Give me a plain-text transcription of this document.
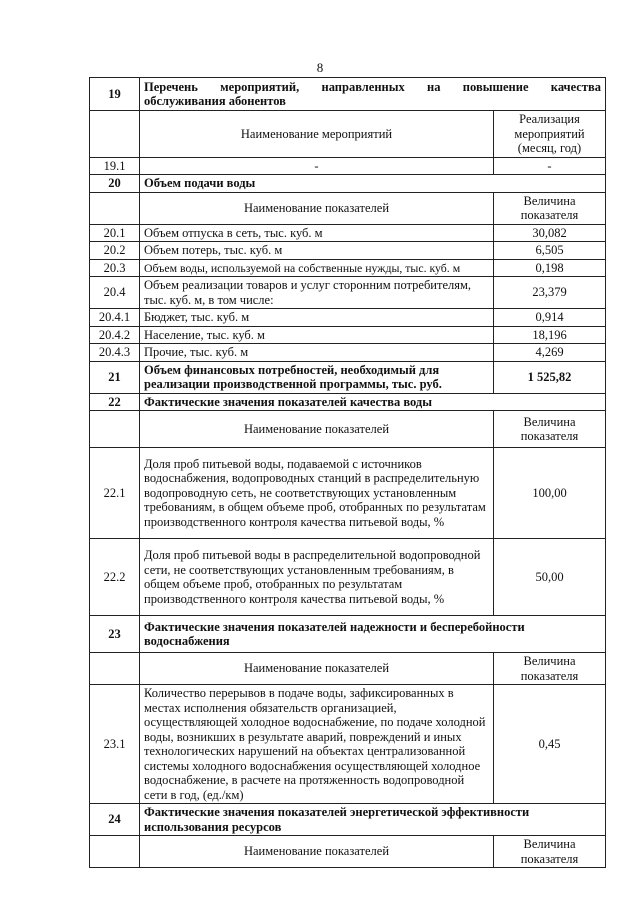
8
19	Перечень мероприятий, направленных на повышение качества
обслуживания абонентов	
	Наименование мероприятий	Реализация мероприятий (месяц, год)
19.1	-	-
20	Объем подачи воды	
	Наименование показателей	Величина показателя
20.1	Объем отпуска в сеть, тыс. куб. м	30,082
20.2	Объем потерь, тыс. куб. м	6,505
20.3	Объем воды, используемой на собственные нужды, тыс. куб. м	0,198
20.4	Объем реализации товаров и услуг сторонним потребителям, тыс. куб. м, в том числе:	23,379
20.4.1	Бюджет, тыс. куб. м	0,914
20.4.2	Население, тыс. куб. м	18,196
20.4.3	Прочие, тыс. куб. м	4,269
21	Объем финансовых потребностей, необходимый для реализации производственной программы, тыс. руб.	1 525,82
22	Фактические значения показателей качества воды	
	Наименование показателей	Величина показателя
22.1	Доля проб питьевой воды, подаваемой с источников водоснабжения, водопроводных станций в распределительную водопроводную сеть, не соответствующих установленным требованиям, в общем объеме проб, отобранных по результатам производственного контроля качества питьевой воды, %	100,00
22.2	Доля проб питьевой воды в распределительной водопроводной сети, не соответствующих установленным требованиям, в общем объеме проб, отобранных по результатам производственного контроля качества питьевой воды, %	50,00
23	Фактические значения показателей надежности и бесперебойности водоснабжения	
	Наименование показателей	Величина показателя
23.1	Количество перерывов в подаче воды, зафиксированных в местах исполнения обязательств организацией, осуществляющей холодное водоснабжение, по подаче холодной воды, возникших в результате аварий, повреждений и иных технологических нарушений на объектах централизованной системы холодного водоснабжения осуществляющей холодное водоснабжение, в расчете на протяженность водопроводной сети в год, (ед./км)	0,45
24	Фактические значения показателей энергетической эффективности использования ресурсов	
	Наименование показателей	Величина показателя
